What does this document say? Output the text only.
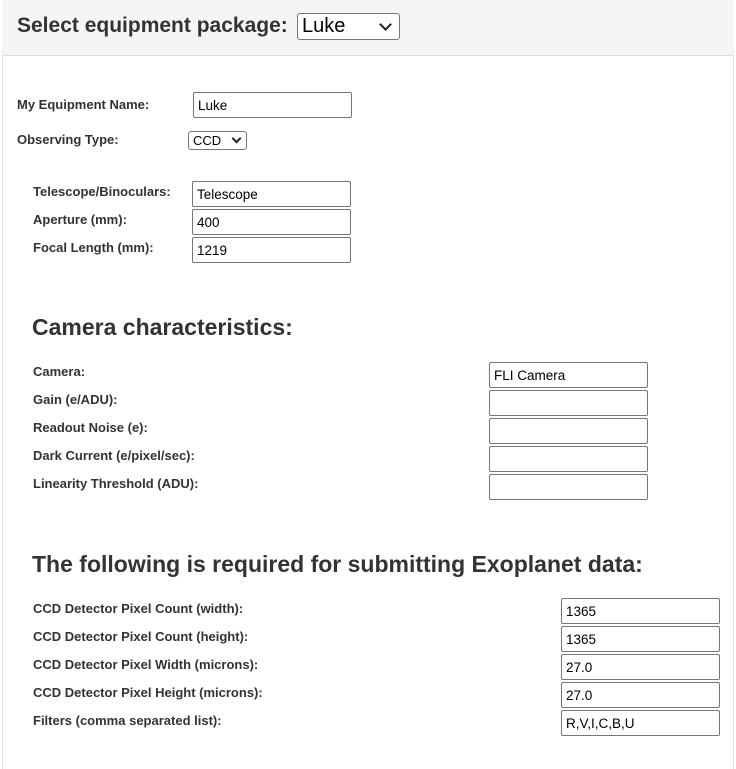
Select equipment package: Luke
My Equipment Name:	Luke
Observing Type:	CCD
Telescope/Binoculars:	Telescope
Aperture (mm):	400
Focal Length (mm):	1219
Camera characteristics:
Camera:	FLI Camera
Gain (e/ADU):
Readout Noise (e):
Dark Current (e/pixel/sec):
Linearity Threshold (ADU):
The following is required for submitting Exoplanet data:
CCD Detector Pixel Count (width):	1365
CCD Detector Pixel Count (height):	1365
CCD Detector Pixel Width (microns):	27.0
CCD Detector Pixel Height (microns):	27.0
Filters (comma separated list):	R,V,I,C,B,U
